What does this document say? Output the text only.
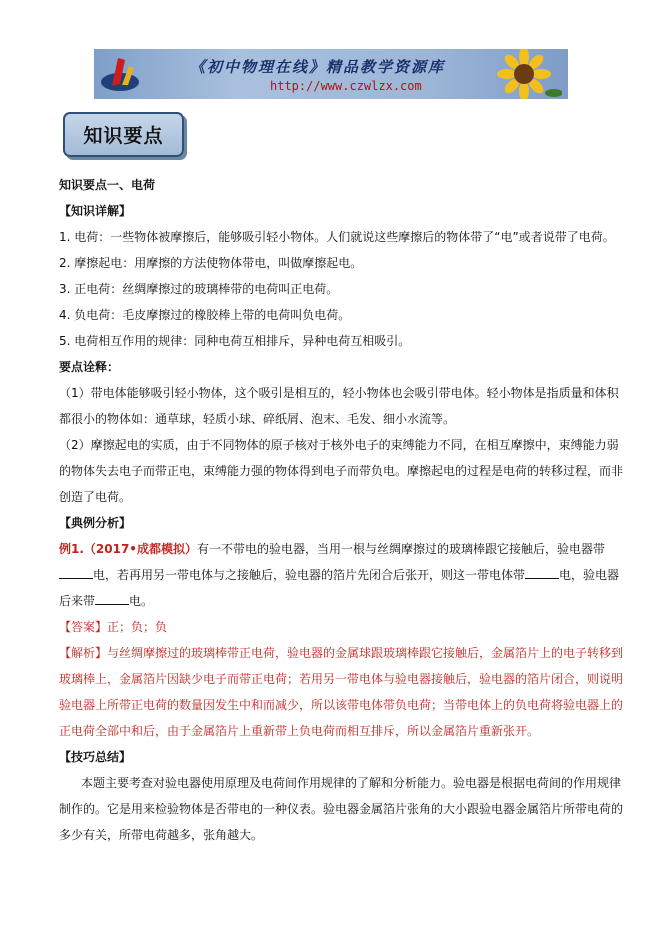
《初中物理在线》精品教学资源库
http://www.czwlzx.com
知识要点
知识要点一、电荷
【知识详解】
1. 电荷：一些物体被摩擦后，能够吸引轻小物体。人们就说这些摩擦后的物体带了“电”或者说带了电荷。
2. 摩擦起电：用摩擦的方法使物体带电，叫做摩擦起电。
3. 正电荷：丝绸摩擦过的玻璃棒带的电荷叫正电荷。
4. 负电荷：毛皮摩擦过的橡胶棒上带的电荷叫负电荷。
5. 电荷相互作用的规律：同种电荷互相排斥，异种电荷互相吸引。
要点诠释：
（1）带电体能够吸引轻小物体，这个吸引是相互的，轻小物体也会吸引带电体。轻小物体是指质量和体积
都很小的物体如：通草球，轻质小球、碎纸屑、泡末、毛发、细小水流等。
（2）摩擦起电的实质，由于不同物体的原子核对于核外电子的束缚能力不同，在相互摩擦中，束缚能力弱
的物体失去电子而带正电，束缚能力强的物体得到电子而带负电。摩擦起电的过程是电荷的转移过程，而非
创造了电荷。
【典例分析】
例1.（2017•成都模拟）有一不带电的验电器，当用一根与丝绸摩擦过的玻璃棒跟它接触后，验电器带
电，若再用另一带电体与之接触后，验电器的箔片先闭合后张开，则这一带电体带	电，验电器
后来带	电。
【答案】正；负；负
【解析】与丝绸摩擦过的玻璃棒带正电荷，验电器的金属球跟玻璃棒跟它接触后，金属箔片上的电子转移到
玻璃棒上，金属箔片因缺少电子而带正电荷；若用另一带电体与验电器接触后，验电器的箔片闭合，则说明
验电器上所带正电荷的数量因发生中和而减少，所以该带电体带负电荷；当带电体上的负电荷将验电器上的
正电荷全部中和后，由于金属箔片上重新带上负电荷而相互排斥，所以金属箔片重新张开。
【技巧总结】
本题主要考查对验电器使用原理及电荷间作用规律的了解和分析能力。验电器是根据电荷间的作用规律
制作的。它是用来检验物体是否带电的一种仪表。验电器金属箔片张角的大小跟验电器金属箔片所带电荷的
多少有关，所带电荷越多，张角越大。
